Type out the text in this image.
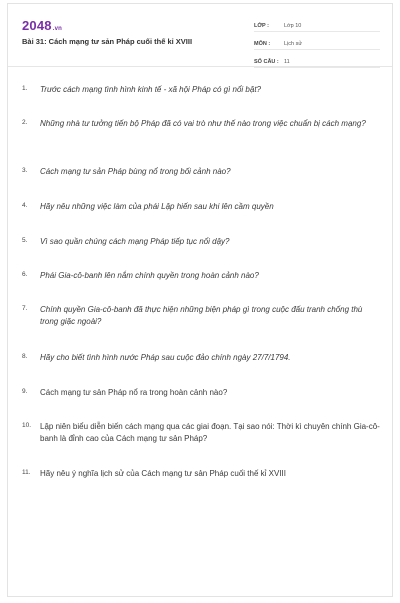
2048.vn
Bài 31: Cách mạng tư sản Pháp cuối thế kỉ XVIII
LỚP :	Lớp 10
MÔN :	Lịch sử
SỐ CÂU : 11
1.	Trước cách mạng tình hình kinh tế - xã hội Pháp có gì nổi bật?
2.	Những nhà tư tưởng tiến bộ Pháp đã có vai trò như thế nào trong việc chuẩn bị cách mạng?
3.	Cách mạng tư sản Pháp bùng nổ trong bối cảnh nào?
4.	Hãy nêu những việc làm của phái Lập hiến sau khi lên cầm quyền
5.	Vì sao quần chúng cách mạng Pháp tiếp tục nổi dậy?
6.	Phái Gia-cô-banh lên nắm chính quyền trong hoàn cảnh nào?
7.	Chính quyền Gia-cô-banh đã thực hiện những biện pháp gì trong cuộc đấu tranh chống thù trong giặc ngoài?
8.	Hãy cho biết tình hình nước Pháp sau cuộc đảo chính ngày 27/7/1794.
9.	Cách mạng tư sản Pháp nổ ra trong hoàn cảnh nào?
10.	Lập niên biểu diễn biến cách mạng qua các giai đoạn. Tại sao nói: Thời kì chuyên chính Gia-cô-banh là đỉnh cao của Cách mạng tư sản Pháp?
11.	Hãy nêu ý nghĩa lịch sử của Cách mạng tư sản Pháp cuối thế kỉ XVIII
